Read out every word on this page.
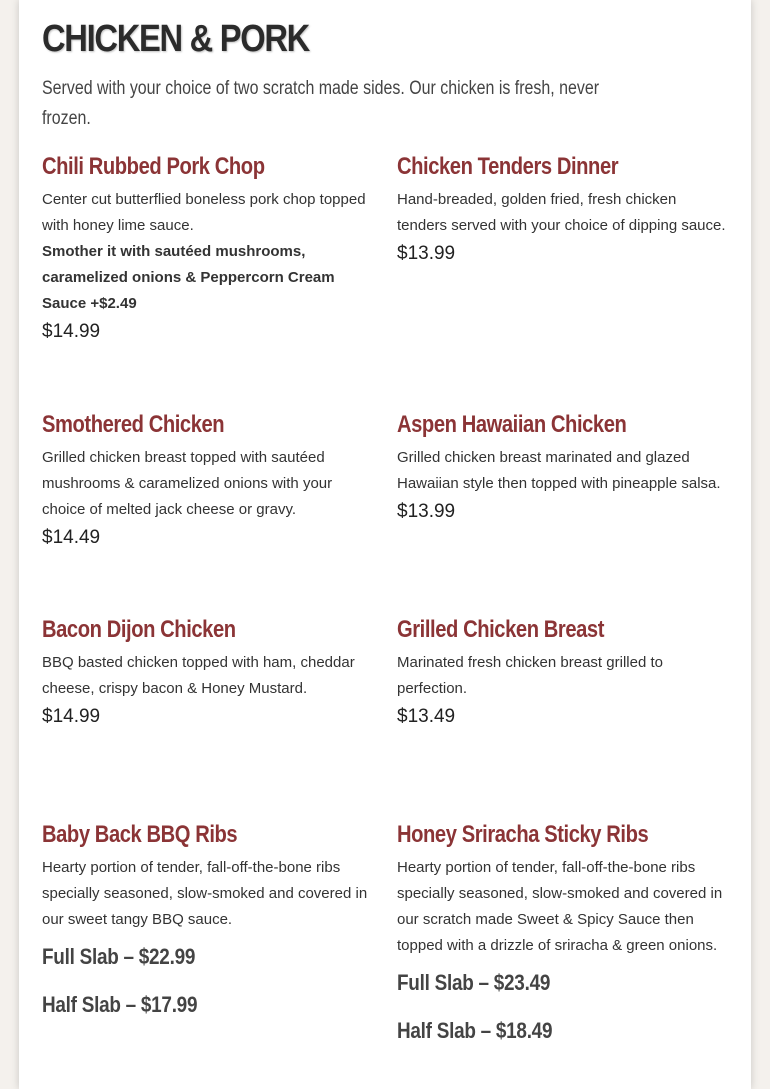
CHICKEN & PORK

Served with your choice of two scratch made sides. Our chicken is fresh, never frozen.

Chili Rubbed Pork Chop

Center cut butterflied boneless pork chop topped with honey lime sauce.

Smother it with sautéed mushrooms, caramelized onions & Peppercorn Cream Sauce +$2.49

$14.99

Chicken Tenders Dinner

Hand-breaded, golden fried, fresh chicken tenders served with your choice of dipping sauce.

$13.99

Smothered Chicken

Grilled chicken breast topped with sautéed mushrooms & caramelized onions with your choice of melted jack cheese or gravy.

$14.49

Aspen Hawaiian Chicken

Grilled chicken breast marinated and glazed Hawaiian style then topped with pineapple salsa.

$13.99

Bacon Dijon Chicken

BBQ basted chicken topped with ham, cheddar cheese, crispy bacon & Honey Mustard.

$14.99

Grilled Chicken Breast

Marinated fresh chicken breast grilled to perfection.

$13.49

Baby Back BBQ Ribs

Hearty portion of tender, fall-off-the-bone ribs specially seasoned, slow-smoked and covered in our sweet tangy BBQ sauce.

Full Slab – $22.99

Half Slab – $17.99

Honey Sriracha Sticky Ribs

Hearty portion of tender, fall-off-the-bone ribs specially seasoned, slow-smoked and covered in our scratch made Sweet & Spicy Sauce then topped with a drizzle of sriracha & green onions.

Full Slab – $23.49

Half Slab – $18.49
